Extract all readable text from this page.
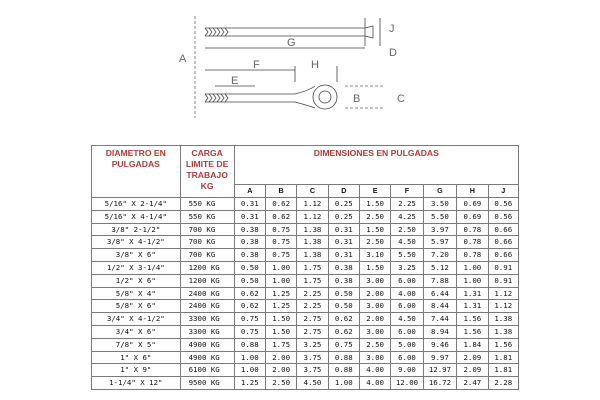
A
G
J
D
F	H
E
B	C
DIAMETRO EN PULGADAS	CARGA LIMITE DE TRABAJO KG	DIMENSIONES EN PULGADAS								
		A	B	C	D	E	F	G	H	J
5/16" X 2-1/4"	550 KG	0.31	0.62	1.12	0.25	1.50	2.25	3.50	0.69	0.56
5/16" X 4-1/4"	550 KG	0.31	0.62	1.12	0.25	2.50	4.25	5.50	0.69	0.56
3/8" 2-1/2"	700 KG	0.38	0.75	1.38	0.31	1.50	2.50	3.97	0.78	0.66
3/8" X 4-1/2"	700 KG	0.38	0.75	1.38	0.31	2.50	4.50	5.97	0.78	0.66
3/8" X 6"	700 KG	0.38	0.75	1.38	0.31	3.10	5.50	7.20	0.78	0.66
1/2" X 3-1/4"	1200 KG	0.50	1.00	1.75	0.38	1.50	3.25	5.12	1.00	0.91
1/2" X 6"	1200 KG	0.50	1.00	1.75	0.38	3.00	6.00	7.88	1.00	0.91
5/8" X 4"	2400 KG	0.62	1.25	2.25	0.50	2.00	4.00	6.44	1.31	1.12
5/8" X 6"	2400 KG	0.62	1.25	2.25	0.50	3.00	6.00	8.44	1.31	1.12
3/4" X 4-1/2"	3300 KG	0.75	1.50	2.75	0.62	2.00	4.50	7.44	1.56	1.38
3/4" X 6"	3300 KG	0.75	1.50	2.75	0.62	3.00	6.00	8.94	1.56	1.38
7/8" X 5"	4900 KG	0.88	1.75	3.25	0.75	2.50	5.00	9.46	1.84	1.56
1" X 6"	4900 KG	1.00	2.00	3.75	0.88	3.00	6.00	9.97	2.09	1.81
1" X 9"	6100 KG	1.00	2.00	3.75	0.88	4.00	9.00	12.97	2.09	1.81
1-1/4" X 12"	9500 KG	1.25	2.50	4.50	1.00	4.00	12.00	16.72	2.47	2.28
